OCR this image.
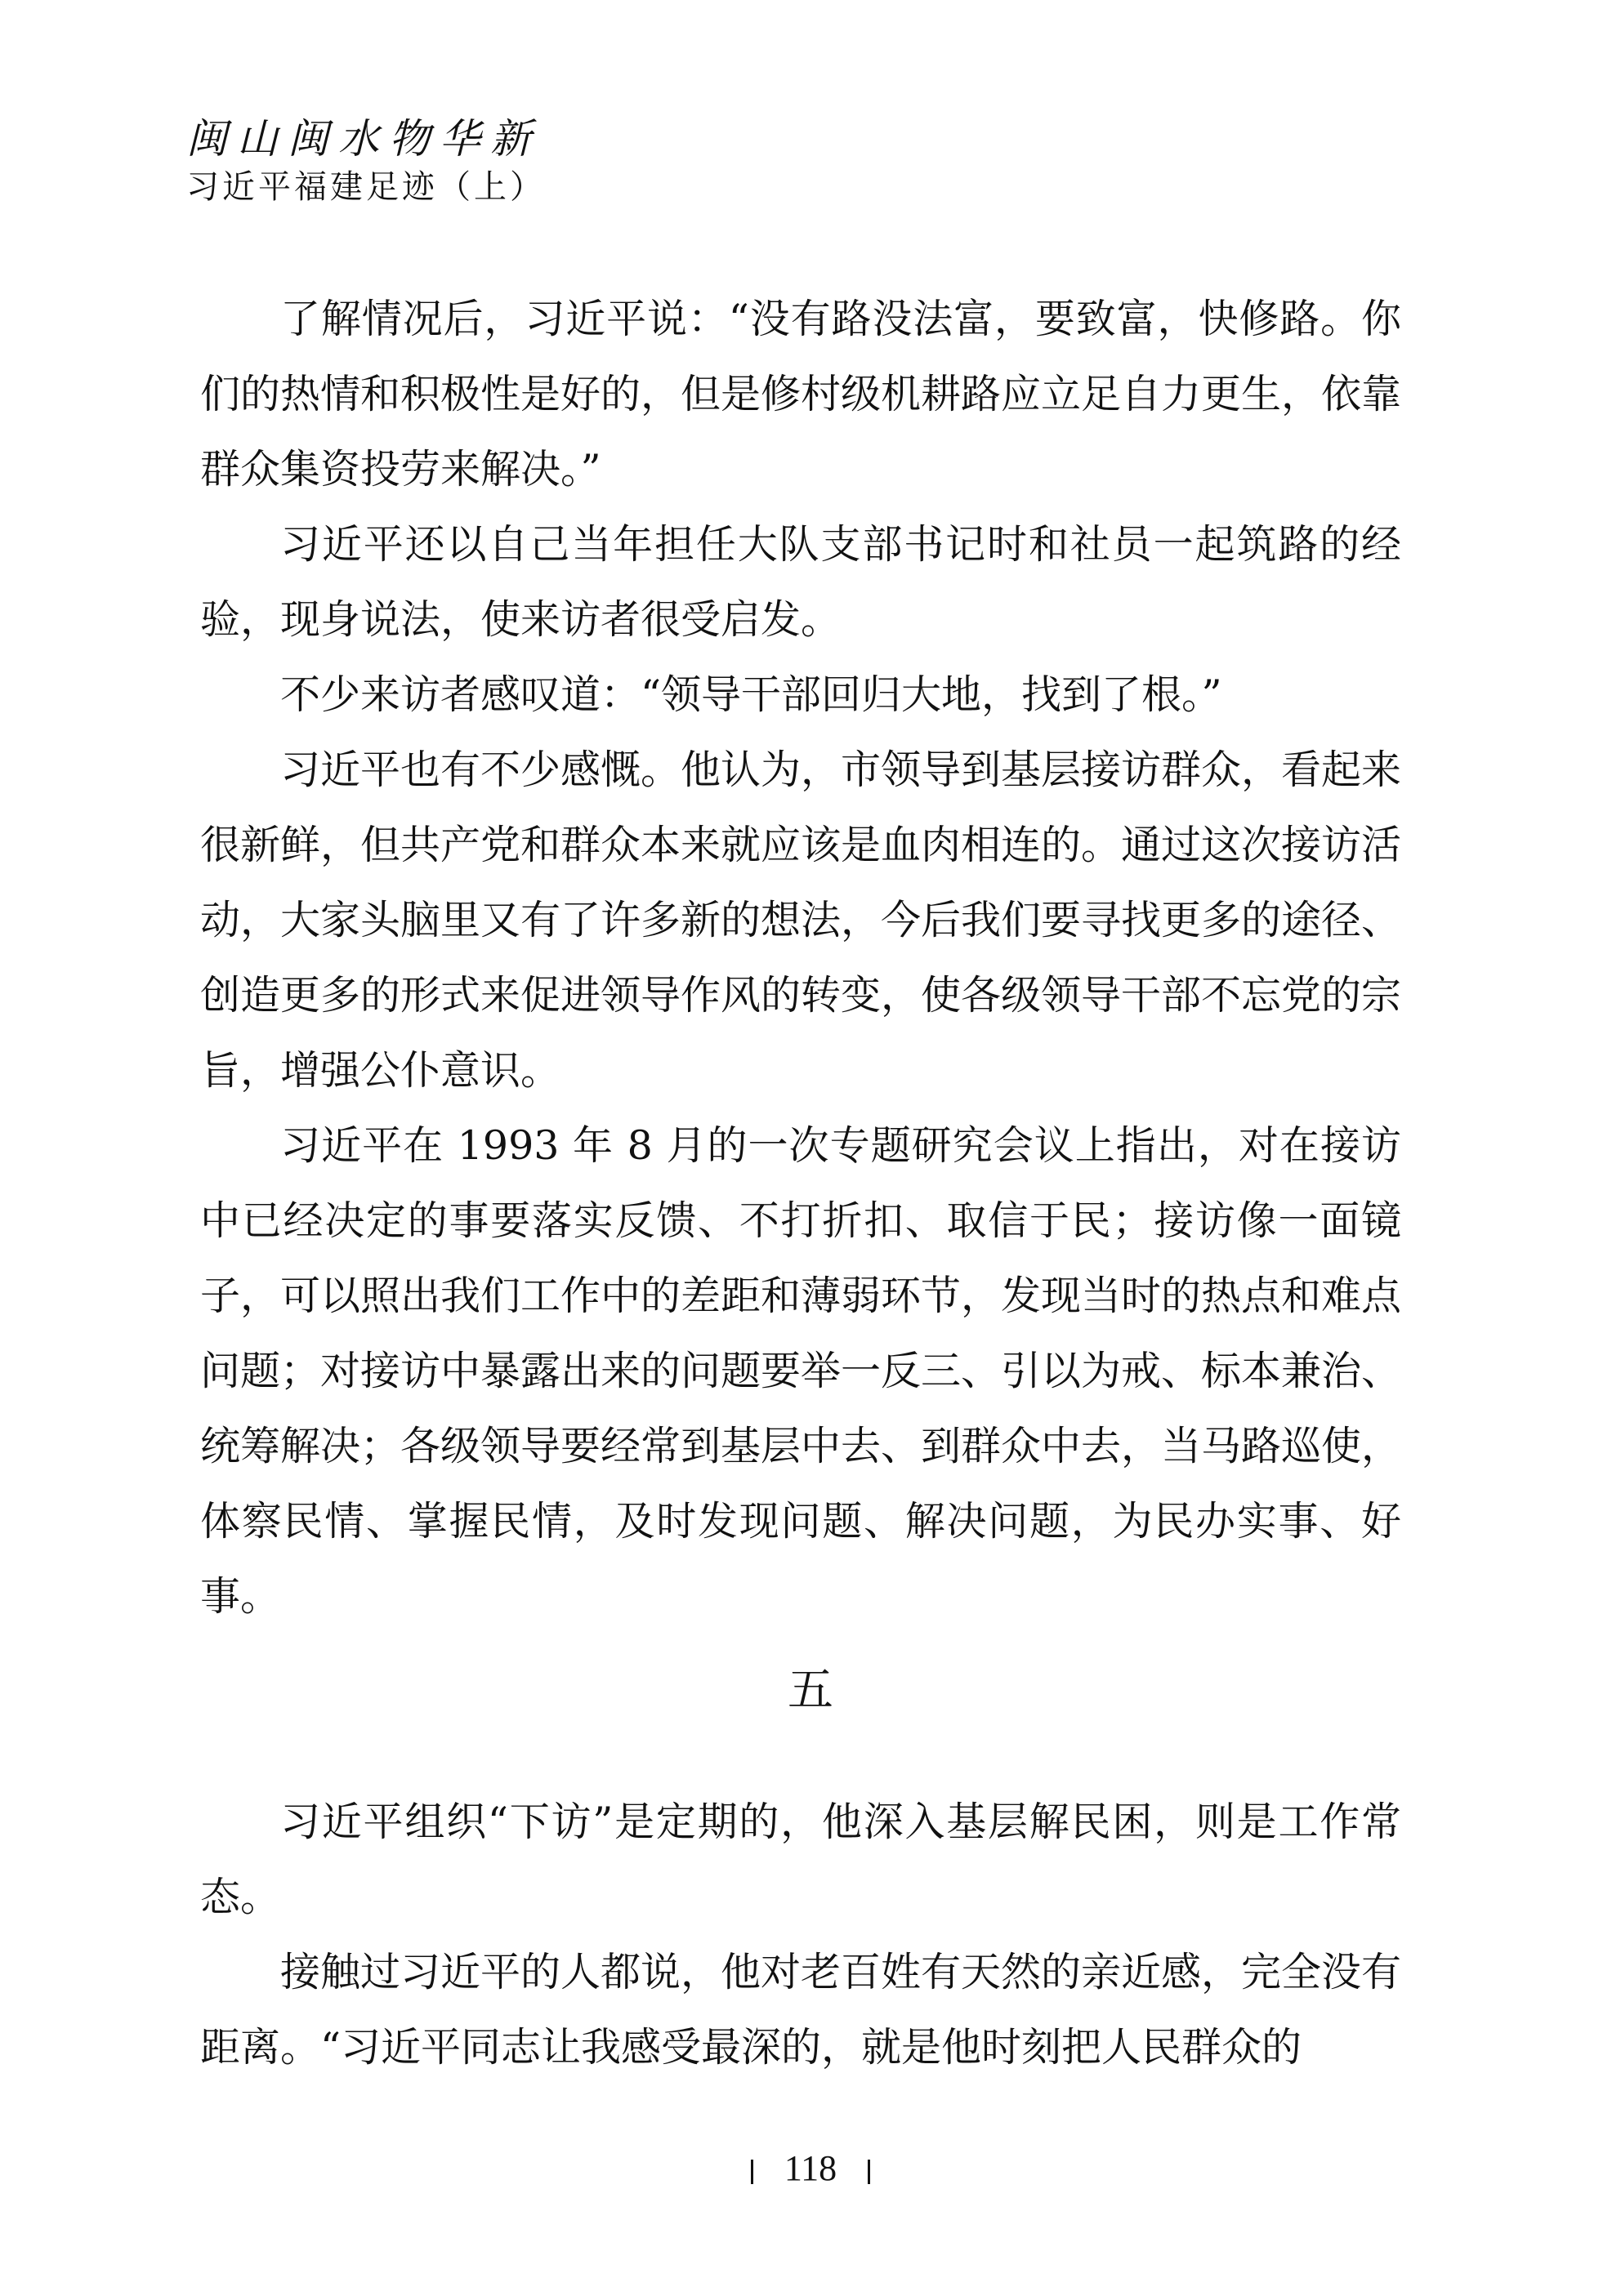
闽山闽水物华新
习近平福建足迹（上）

了解情况后，习近平说：“没有路没法富，要致富，快修路。你们的热情和积极性是好的，但是修村级机耕路应立足自力更生，依靠群众集资投劳来解决。”

习近平还以自己当年担任大队支部书记时和社员一起筑路的经验，现身说法，使来访者很受启发。

不少来访者感叹道：“领导干部回归大地，找到了根。”

习近平也有不少感慨。他认为，市领导到基层接访群众，看起来很新鲜，但共产党和群众本来就应该是血肉相连的。通过这次接访活动，大家头脑里又有了许多新的想法，今后我们要寻找更多的途径、创造更多的形式来促进领导作风的转变，使各级领导干部不忘党的宗旨，增强公仆意识。

习近平在 1993 年 8 月的一次专题研究会议上指出，对在接访中已经决定的事要落实反馈、不打折扣、取信于民；接访像一面镜子，可以照出我们工作中的差距和薄弱环节，发现当时的热点和难点问题；对接访中暴露出来的问题要举一反三、引以为戒、标本兼治、统筹解决；各级领导要经常到基层中去、到群众中去，当马路巡使，体察民情、掌握民情，及时发现问题、解决问题，为民办实事、好事。

五

习近平组织“下访”是定期的，他深入基层解民困，则是工作常态。

接触过习近平的人都说，他对老百姓有天然的亲近感，完全没有距离。“习近平同志让我感受最深的，就是他时刻把人民群众的

118
